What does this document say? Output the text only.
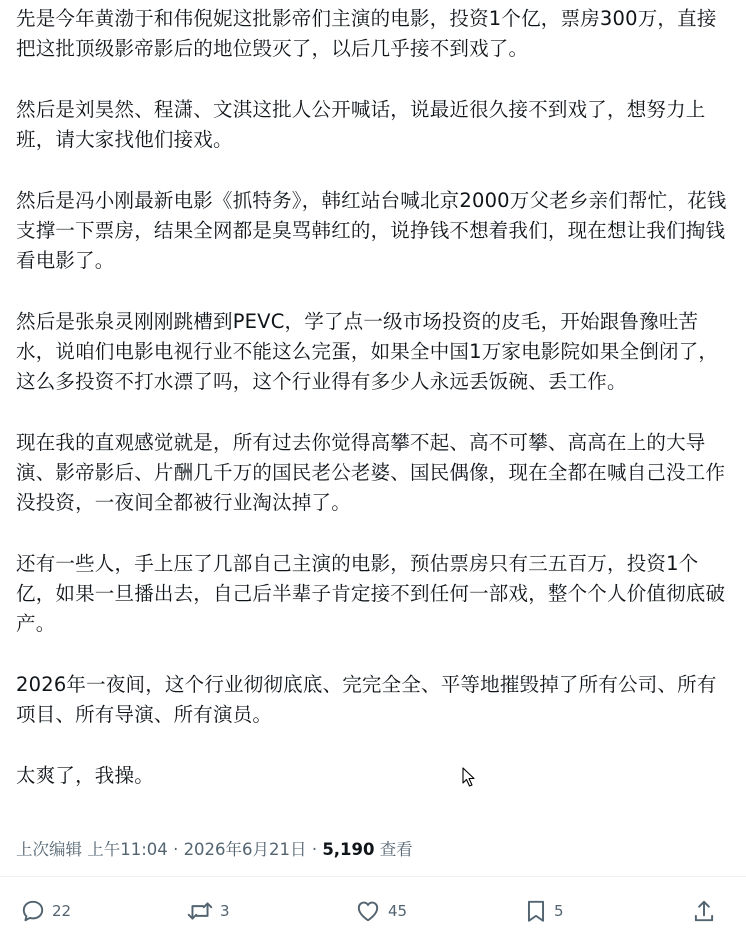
先是今年黄渤于和伟倪妮这批影帝们主演的电影，投资1个亿，票房300万，直接把这批顶级影帝影后的地位毁灭了，以后几乎接不到戏了。

然后是刘昊然、程潇、文淇这批人公开喊话，说最近很久接不到戏了，想努力上班，请大家找他们接戏。

然后是冯小刚最新电影《抓特务》，韩红站台喊北京2000万父老乡亲们帮忙，花钱支撑一下票房，结果全网都是臭骂韩红的，说挣钱不想着我们，现在想让我们掏钱看电影了。

然后是张泉灵刚刚跳槽到PEVC，学了点一级市场投资的皮毛，开始跟鲁豫吐苦水，说咱们电影电视行业不能这么完蛋，如果全中国1万家电影院如果全倒闭了，这么多投资不打水漂了吗，这个行业得有多少人永远丢饭碗、丢工作。

现在我的直观感觉就是，所有过去你觉得高攀不起、高不可攀、高高在上的大导演、影帝影后、片酬几千万的国民老公老婆、国民偶像，现在全都在喊自己没工作没投资，一夜间全都被行业淘汰掉了。

还有一些人，手上压了几部自己主演的电影，预估票房只有三五百万，投资1个亿，如果一旦播出去，自己后半辈子肯定接不到任何一部戏，整个个人价值彻底破产。

2026年一夜间，这个行业彻彻底底、完完全全、平等地摧毁掉了所有公司、所有项目、所有导演、所有演员。

太爽了，我操。

上次编辑 上午11:04 · 2026年6月21日 · 5,190 查看
22	3	45	5
